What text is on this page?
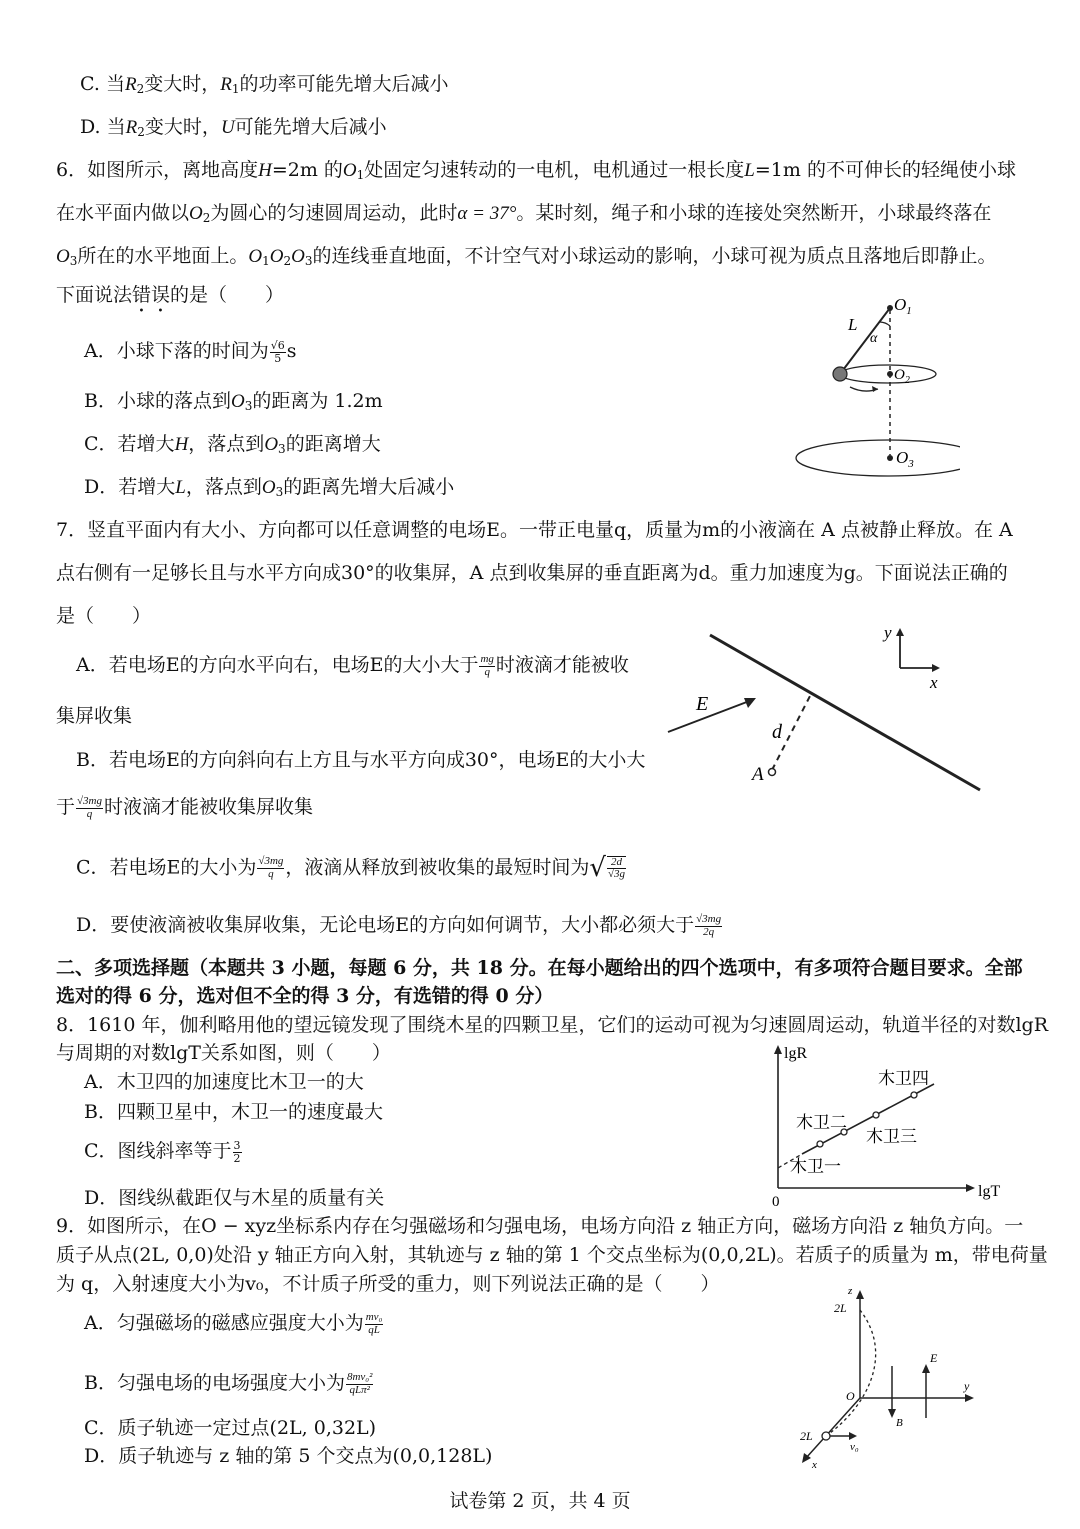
C. 当$R_2$变大时，$R_1$的功率可能先增大后减小
D. 当$R_2$变大时，U可能先增大后减小
6．如图所示，离地高度H=2m 的$O_1$处固定匀速转动的一电机，电机通过一根长度L=1m 的不可伸长的轻绳使小球
在水平面内做以$O_2$为圆心的匀速圆周运动，此时α = 37°。某时刻，绳子和小球的连接处突然断开，小球最终落在
$O_3$所在的水平地面上。$O_1O_2O_3$的连线垂直地面，不计空气对小球运动的影响，小球可视为质点且落地后即静止。
下面说法错误的是（　　）
A．小球下落的时间为 $\frac{√6}{5}$ s
B．小球的落点到$O_3$的距离为 1.2m
C．若增大H，落点到$O_3$的距离增大
D．若增大L，落点到$O_3$的距离先增大后减小
L
α
$O_1$
$O_2$
$O_3$
7．竖直平面内有大小、方向都可以任意调整的电场E。一带正电量q，质量为m的小液滴在 A 点被静止释放。在 A
点右侧有一足够长且与水平方向成30°的收集屏，A 点到收集屏的垂直距离为d。重力加速度为g。下面说法正确的
是（　　）
A．若电场E的方向水平向右，电场E的大小大于 $\frac{mg}{q}$ 时液滴才能被收
集屏收集
B．若电场E的方向斜向右上方且与水平方向成30°，电场E的大小大
于 $\frac{√3mg}{q}$ 时液滴才能被收集屏收集
C．若电场E的大小为 $\frac{√3mg}{q}$ ，液滴从释放到被收集的最短时间为√ $\frac{2d}{√3g}$
D．要使液滴被收集屏收集，无论电场E的方向如何调节，大小都必须大于 $\frac{√3mg}{2q}$
E
d
A
y
x
二、多项选择题（本题共 3 小题，每题 6 分，共 18 分。在每小题给出的四个选项中，有多项符合题目要求。全部
选对的得 6 分，选对但不全的得 3 分，有选错的得 0 分）
8．1610 年，伽利略用他的望远镜发现了围绕木星的四颗卫星，它们的运动可视为匀速圆周运动，轨道半径的对数lgR
与周期的对数lgT关系如图，则（　　）
A．木卫四的加速度比木卫一的大
B．四颗卫星中，木卫一的速度最大
C．图线斜率等于 $\frac{3}{2}$
D．图线纵截距仅与木星的质量有关
lgR
lgT
0
木卫一
木卫二
木卫三
木卫四
9．如图所示，在O − xyz坐标系内存在匀强磁场和匀强电场，电场方向沿 z 轴正方向，磁场方向沿 z 轴负方向。一
质子从点(2L, 0,0)处沿 y 轴正方向入射，其轨迹与 z 轴的第 1 个交点坐标为(0,0,2L)。若质子的质量为 m，带电荷量
为 q，入射速度大小为v₀，不计质子所受的重力，则下列说法正确的是（　　）
A．匀强磁场的磁感应强度大小为 $\frac{\text{mv₀}}{qL}$
B．匀强电场的电场强度大小为 $\frac{\text{8mv₀²}}{\text{qLπ²}}$
C．质子轨迹一定过点(2L, 0,32L)
D．质子轨迹与 z 轴的第 5 个交点为(0,0,128L)
z
2L
E
y
O
B
2L
v₀
x
试卷第 2 页，共 4 页
